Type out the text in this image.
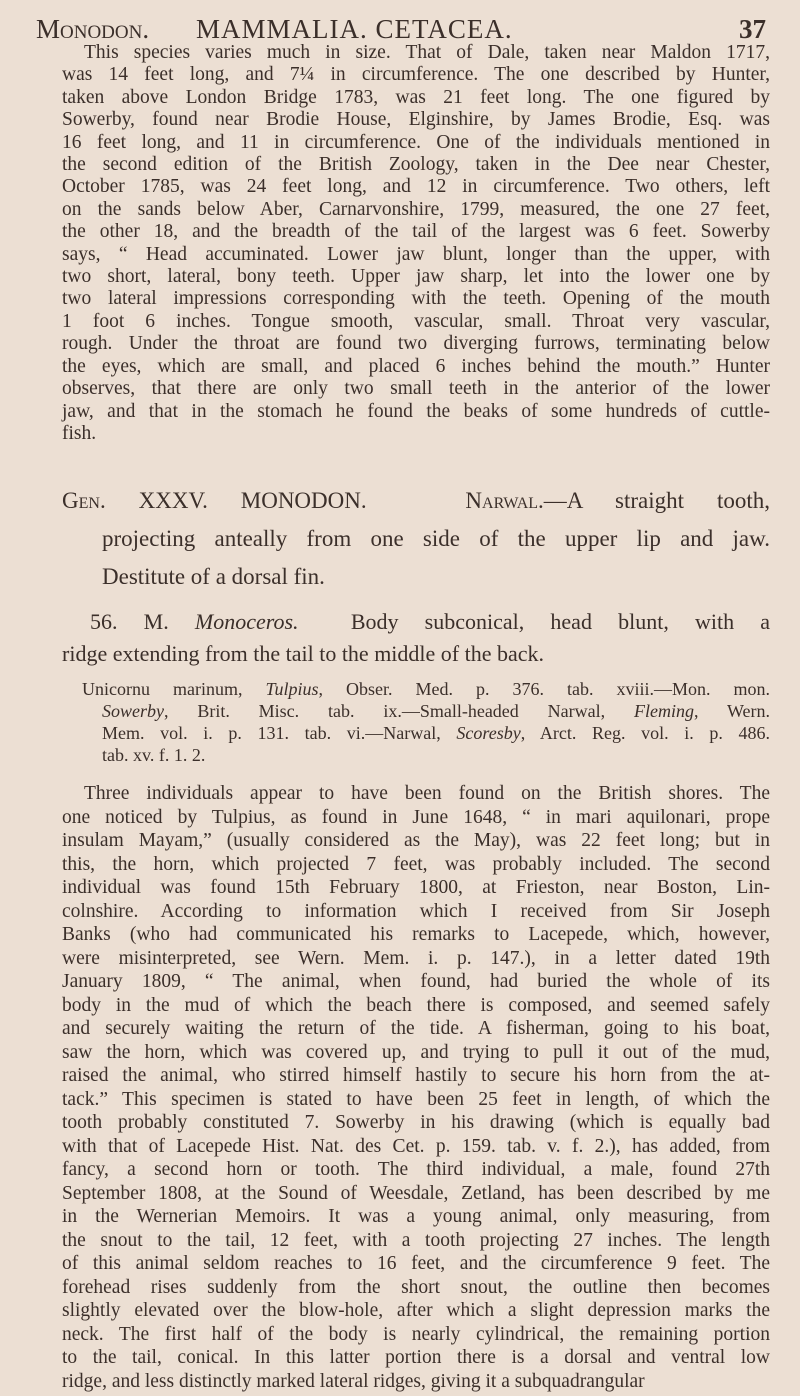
Monodon. MAMMALIA. CETACEA.	37
This species varies much in size. That of Dale, taken near Maldon 1717,
was 14 feet long, and 7¼ in circumference. The one described by Hunter,
taken above London Bridge 1783, was 21 feet long. The one figured by
Sowerby, found near Brodie House, Elginshire, by James Brodie, Esq. was
16 feet long, and 11 in circumference. One of the individuals mentioned in
the second edition of the British Zoology, taken in the Dee near Chester,
October 1785, was 24 feet long, and 12 in circumference. Two others, left
on the sands below Aber, Carnarvonshire, 1799, measured, the one 27 feet,
the other 18, and the breadth of the tail of the largest was 6 feet. Sowerby
says, “ Head accuminated. Lower jaw blunt, longer than the upper, with
two short, lateral, bony teeth. Upper jaw sharp, let into the lower one by
two lateral impressions corresponding with the teeth. Opening of the mouth
1 foot 6 inches. Tongue smooth, vascular, small. Throat very vascular,
rough. Under the throat are found two diverging furrows, terminating below
the eyes, which are small, and placed 6 inches behind the mouth.” Hunter
observes, that there are only two small teeth in the anterior of the lower
jaw, and that in the stomach he found the beaks of some hundreds of cuttle-
fish.
Gen. XXXV. MONODON.	Narwal.—A straight tooth,
projecting anteally from one side of the upper lip and jaw.
Destitute of a dorsal fin.
56. M. Monoceros. Body subconical, head blunt, with a
ridge extending from the tail to the middle of the back.
Unicornu marinum, Tulpius, Obser. Med. p. 376. tab. xviii.—Mon. mon.
Sowerby, Brit. Misc. tab. ix.—Small-headed Narwal, Fleming, Wern.
Mem. vol. i. p. 131. tab. vi.—Narwal, Scoresby, Arct. Reg. vol. i. p. 486.
tab. xv. f. 1. 2.
Three individuals appear to have been found on the British shores. The
one noticed by Tulpius, as found in June 1648, “ in mari aquilonari, prope
insulam Mayam,” (usually considered as the May), was 22 feet long; but in
this, the horn, which projected 7 feet, was probably included. The second
individual was found 15th February 1800, at Frieston, near Boston, Lin-
colnshire. According to information which I received from Sir Joseph
Banks (who had communicated his remarks to Lacepede, which, however,
were misinterpreted, see Wern. Mem. i. p. 147.), in a letter dated 19th
January 1809, “ The animal, when found, had buried the whole of its
body in the mud of which the beach there is composed, and seemed safely
and securely waiting the return of the tide. A fisherman, going to his boat,
saw the horn, which was covered up, and trying to pull it out of the mud,
raised the animal, who stirred himself hastily to secure his horn from the at-
tack.” This specimen is stated to have been 25 feet in length, of which the
tooth probably constituted 7. Sowerby in his drawing (which is equally bad
with that of Lacepede Hist. Nat. des Cet. p. 159. tab. v. f. 2.), has added, from
fancy, a second horn or tooth. The third individual, a male, found 27th
September 1808, at the Sound of Weesdale, Zetland, has been described by me
in the Wernerian Memoirs. It was a young animal, only measuring, from
the snout to the tail, 12 feet, with a tooth projecting 27 inches. The length
of this animal seldom reaches to 16 feet, and the circumference 9 feet. The
forehead rises suddenly from the short snout, the outline then becomes
slightly elevated over the blow-hole, after which a slight depression marks the
neck. The first half of the body is nearly cylindrical, the remaining portion
to the tail, conical. In this latter portion there is a dorsal and ventral low
ridge, and less distinctly marked lateral ridges, giving it a subquadrangular
